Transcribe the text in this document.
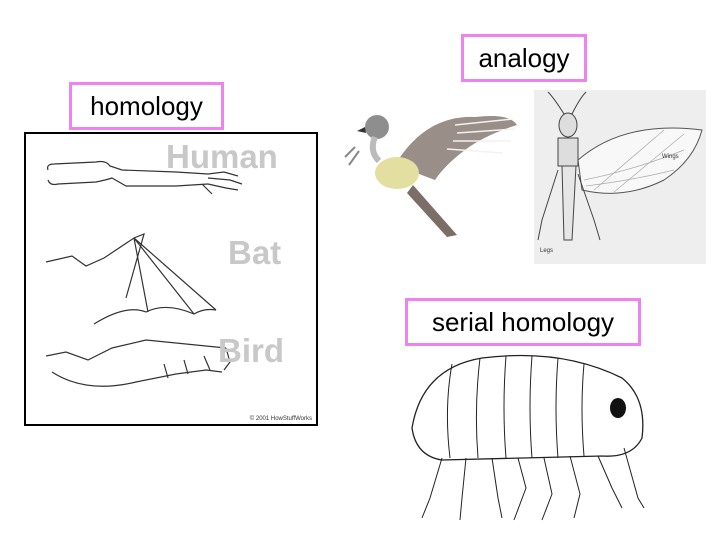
analogy
homology
serial homology
Human
Bat
Bird
© 2001 HowStuffWorks
Wings
Legs
